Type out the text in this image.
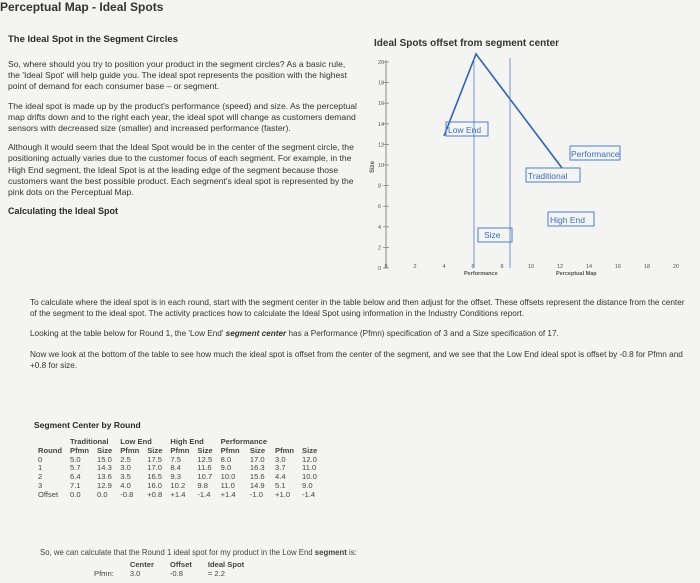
Perceptual Map - Ideal Spots
The Ideal Spot in the Segment Circles

So, where should you try to position your product in the segment circles? As a basic rule, the 'Ideal Spot' will help guide you. The ideal spot represents the position with the highest point of demand for each consumer base – or segment.

The ideal spot is made up by the product's performance (speed) and size. As the perceptual map drifts down and to the right each year, the ideal spot will change as customers demand sensors with decreased size (smaller) and increased performance (faster).

Although it would seem that the Ideal Spot would be in the center of the segment circle, the positioning actually varies due to the customer focus of each segment. For example, in the High End segment, the Ideal Spot is at the leading edge of the segment because those customers want the best possible product. Each segment's ideal spot is represented by the pink dots on the Perceptual Map.

Calculating the Ideal Spot
Ideal Spots offset from segment center
0
2
4
6
8
10
12
14
16
18
20
0	2	4	6	8	10	12	14	16	18	20
Size
Performance	Perceptual Map
Low End
Traditional
Performance
High End
Size
To calculate where the ideal spot is in each round, start with the segment center in the table below and then adjust for the offset. These offsets represent the distance from the center of the segment to the ideal spot. The activity practices how to calculate the Ideal Spot using information in the Industry Conditions report.
Looking at the table below for Round 1, the 'Low End' segment center has a Performance (Pfmn) specification of 3 and a Size specification of 17.
Now we look at the bottom of the table to see how much the ideal spot is offset from the center of the segment, and we see that the Low End ideal spot is offset by -0.8 for Pfmn and +0.8 for size.
Segment Center by Round
	Traditional		Low End		High End		Performance			
Round	Pfmn	Size	Pfmn	Size	Pfmn	Size	Pfmn	Size	Pfmn	Size
0	5.0	15.0	2.5	17.5	7.5	12.5	8.0	17.0	3.0	12.0
1	5.7	14.3	3.0	17.0	8.4	11.6	9.0	16.3	3.7	11.0
2	6.4	13.6	3.5	16.5	9.3	10.7	10.0	15.6	4.4	10.0
3	7.1	12.9	4.0	16.0	10.2	9.8	11.0	14.9	5.1	9.0
Offset	0.0	0.0	-0.8	+0.8	+1.4	-1.4	+1.4	-1.0	+1.0	-1.4
So, we can calculate that the Round 1 ideal spot for my product in the Low End segment is:
	Center	Offset	Ideal Spot
Pfmn:	3.0	-0.8	= 2.2
